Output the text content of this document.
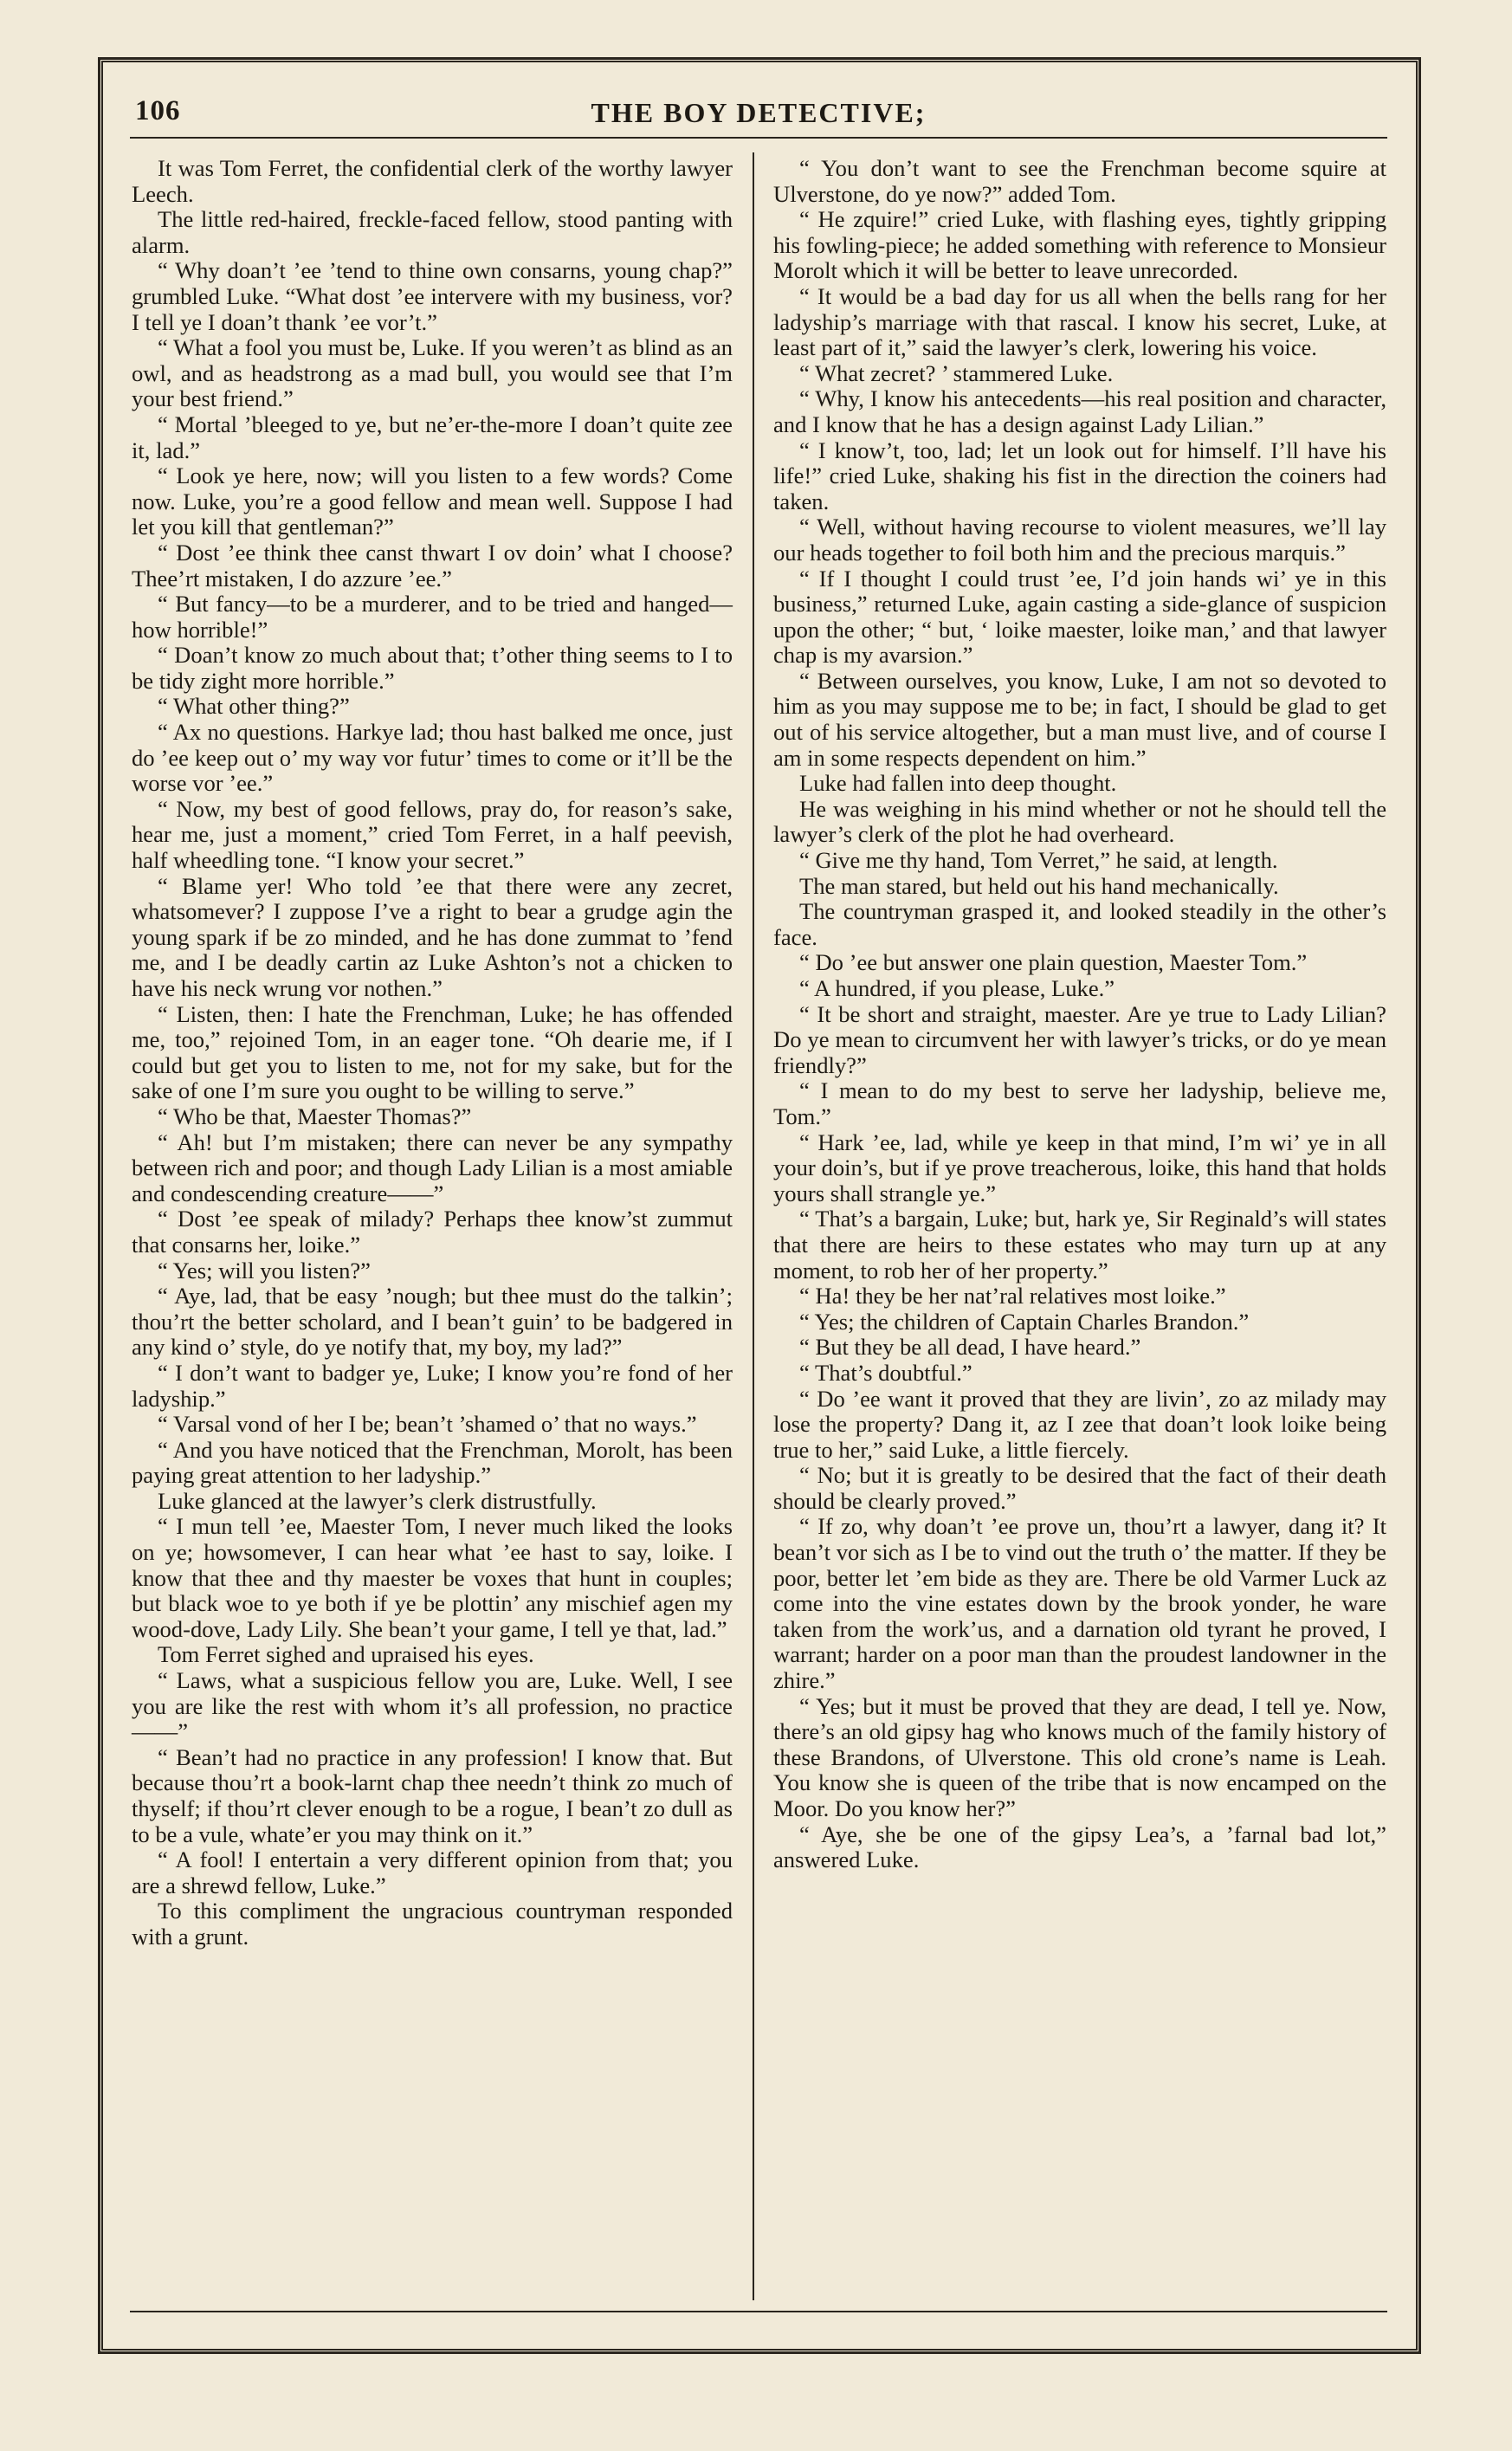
106	THE BOY DETECTIVE;

It was Tom Ferret, the confidential clerk of the worthy lawyer Leech.

The little red-haired, freckle-faced fellow, stood panting with alarm.

“ Why doan’t ’ee ’tend to thine own consarns, young chap?” grumbled Luke. “What dost ’ee intervere with my business, vor? I tell ye I doan’t thank ’ee vor’t.”

“ What a fool you must be, Luke. If you weren’t as blind as an owl, and as headstrong as a mad bull, you would see that I’m your best friend.”

“ Mortal ’bleeged to ye, but ne’er-the-more I doan’t quite zee it, lad.”

“ Look ye here, now; will you listen to a few words? Come now. Luke, you’re a good fellow and mean well. Suppose I had let you kill that gentleman?”

“ Dost ’ee think thee canst thwart I ov doin’ what I choose? Thee’rt mistaken, I do azzure ’ee.”

“ But fancy—to be a murderer, and to be tried and hanged—how horrible!”

“ Doan’t know zo much about that; t’other thing seems to I to be tidy zight more horrible.”

“ What other thing?”

“ Ax no questions. Harkye lad; thou hast balked me once, just do ’ee keep out o’ my way vor futur’ times to come or it’ll be the worse vor ’ee.”

“ Now, my best of good fellows, pray do, for reason’s sake, hear me, just a moment,” cried Tom Ferret, in a half peevish, half wheedling tone. “I know your secret.”

“ Blame yer! Who told ’ee that there were any zecret, whatsomever? I zuppose I’ve a right to bear a grudge agin the young spark if be zo minded, and he has done zummat to ’fend me, and I be deadly cartin az Luke Ashton’s not a chicken to have his neck wrung vor nothen.”

“ Listen, then: I hate the Frenchman, Luke; he has offended me, too,” rejoined Tom, in an eager tone. “Oh dearie me, if I could but get you to listen to me, not for my sake, but for the sake of one I’m sure you ought to be willing to serve.”

“ Who be that, Maester Thomas?”

“ Ah! but I’m mistaken; there can never be any sympathy between rich and poor; and though Lady Lilian is a most amiable and condescending creature——”

“ Dost ’ee speak of milady? Perhaps thee know’st zummut that consarns her, loike.”

“ Yes; will you listen?”

“ Aye, lad, that be easy ’nough; but thee must do the talkin’; thou’rt the better scholard, and I bean’t guin’ to be badgered in any kind o’ style, do ye notify that, my boy, my lad?”

“ I don’t want to badger ye, Luke; I know you’re fond of her ladyship.”

“ Varsal vond of her I be; bean’t ’shamed o’ that no ways.”

“ And you have noticed that the Frenchman, Morolt, has been paying great attention to her ladyship.”

Luke glanced at the lawyer’s clerk distrustfully.

“ I mun tell ’ee, Maester Tom, I never much liked the looks on ye; howsomever, I can hear what ’ee hast to say, loike. I know that thee and thy maester be voxes that hunt in couples; but black woe to ye both if ye be plottin’ any mischief agen my wood-dove, Lady Lily. She bean’t your game, I tell ye that, lad.”

Tom Ferret sighed and upraised his eyes.

“ Laws, what a suspicious fellow you are, Luke. Well, I see you are like the rest with whom it’s all profession, no practice——”

“ Bean’t had no practice in any profession! I know that. But because thou’rt a book-larnt chap thee needn’t think zo much of thyself; if thou’rt clever enough to be a rogue, I bean’t zo dull as to be a vule, whate’er you may think on it.”

“ A fool! I entertain a very different opinion from that; you are a shrewd fellow, Luke.”

To this compliment the ungracious countryman responded with a grunt.

“ You don’t want to see the Frenchman become squire at Ulverstone, do ye now?” added Tom.

“ He zquire!” cried Luke, with flashing eyes, tightly gripping his fowling-piece; he added something with reference to Monsieur Morolt which it will be better to leave unrecorded.

“ It would be a bad day for us all when the bells rang for her ladyship’s marriage with that rascal. I know his secret, Luke, at least part of it,” said the lawyer’s clerk, lowering his voice.

“ What zecret? ’ stammered Luke.

“ Why, I know his antecedents—his real position and character, and I know that he has a design against Lady Lilian.”

“ I know’t, too, lad; let un look out for himself. I’ll have his life!” cried Luke, shaking his fist in the direction the coiners had taken.

“ Well, without having recourse to violent measures, we’ll lay our heads together to foil both him and the precious marquis.”

“ If I thought I could trust ’ee, I’d join hands wi’ ye in this business,” returned Luke, again casting a side-glance of suspicion upon the other; “ but, ‘ loike maester, loike man,’ and that lawyer chap is my avarsion.”

“ Between ourselves, you know, Luke, I am not so devoted to him as you may suppose me to be; in fact, I should be glad to get out of his service altogether, but a man must live, and of course I am in some respects dependent on him.”

Luke had fallen into deep thought.

He was weighing in his mind whether or not he should tell the lawyer’s clerk of the plot he had overheard.

“ Give me thy hand, Tom Verret,” he said, at length.

The man stared, but held out his hand mechanically.

The countryman grasped it, and looked steadily in the other’s face.

“ Do ’ee but answer one plain question, Maester Tom.”

“ A hundred, if you please, Luke.”

“ It be short and straight, maester. Are ye true to Lady Lilian? Do ye mean to circumvent her with lawyer’s tricks, or do ye mean friendly?”

“ I mean to do my best to serve her ladyship, believe me, Tom.”

“ Hark ’ee, lad, while ye keep in that mind, I’m wi’ ye in all your doin’s, but if ye prove treacherous, loike, this hand that holds yours shall strangle ye.”

“ That’s a bargain, Luke; but, hark ye, Sir Reginald’s will states that there are heirs to these estates who may turn up at any moment, to rob her of her property.”

“ Ha! they be her nat’ral relatives most loike.”

“ Yes; the children of Captain Charles Brandon.”

“ But they be all dead, I have heard.”

“ That’s doubtful.”

“ Do ’ee want it proved that they are livin’, zo az milady may lose the property? Dang it, az I zee that doan’t look loike being true to her,” said Luke, a little fiercely.

“ No; but it is greatly to be desired that the fact of their death should be clearly proved.”

“ If zo, why doan’t ’ee prove un, thou’rt a lawyer, dang it? It bean’t vor sich as I be to vind out the truth o’ the matter. If they be poor, better let ’em bide as they are. There be old Varmer Luck az come into the vine estates down by the brook yonder, he ware taken from the work’us, and a darnation old tyrant he proved, I warrant; harder on a poor man than the proudest landowner in the zhire.”

“ Yes; but it must be proved that they are dead, I tell ye. Now, there’s an old gipsy hag who knows much of the family history of these Brandons, of Ulverstone. This old crone’s name is Leah. You know she is queen of the tribe that is now encamped on the Moor. Do you know her?”

“ Aye, she be one of the gipsy Lea’s, a ’farnal bad lot,” answered Luke.
